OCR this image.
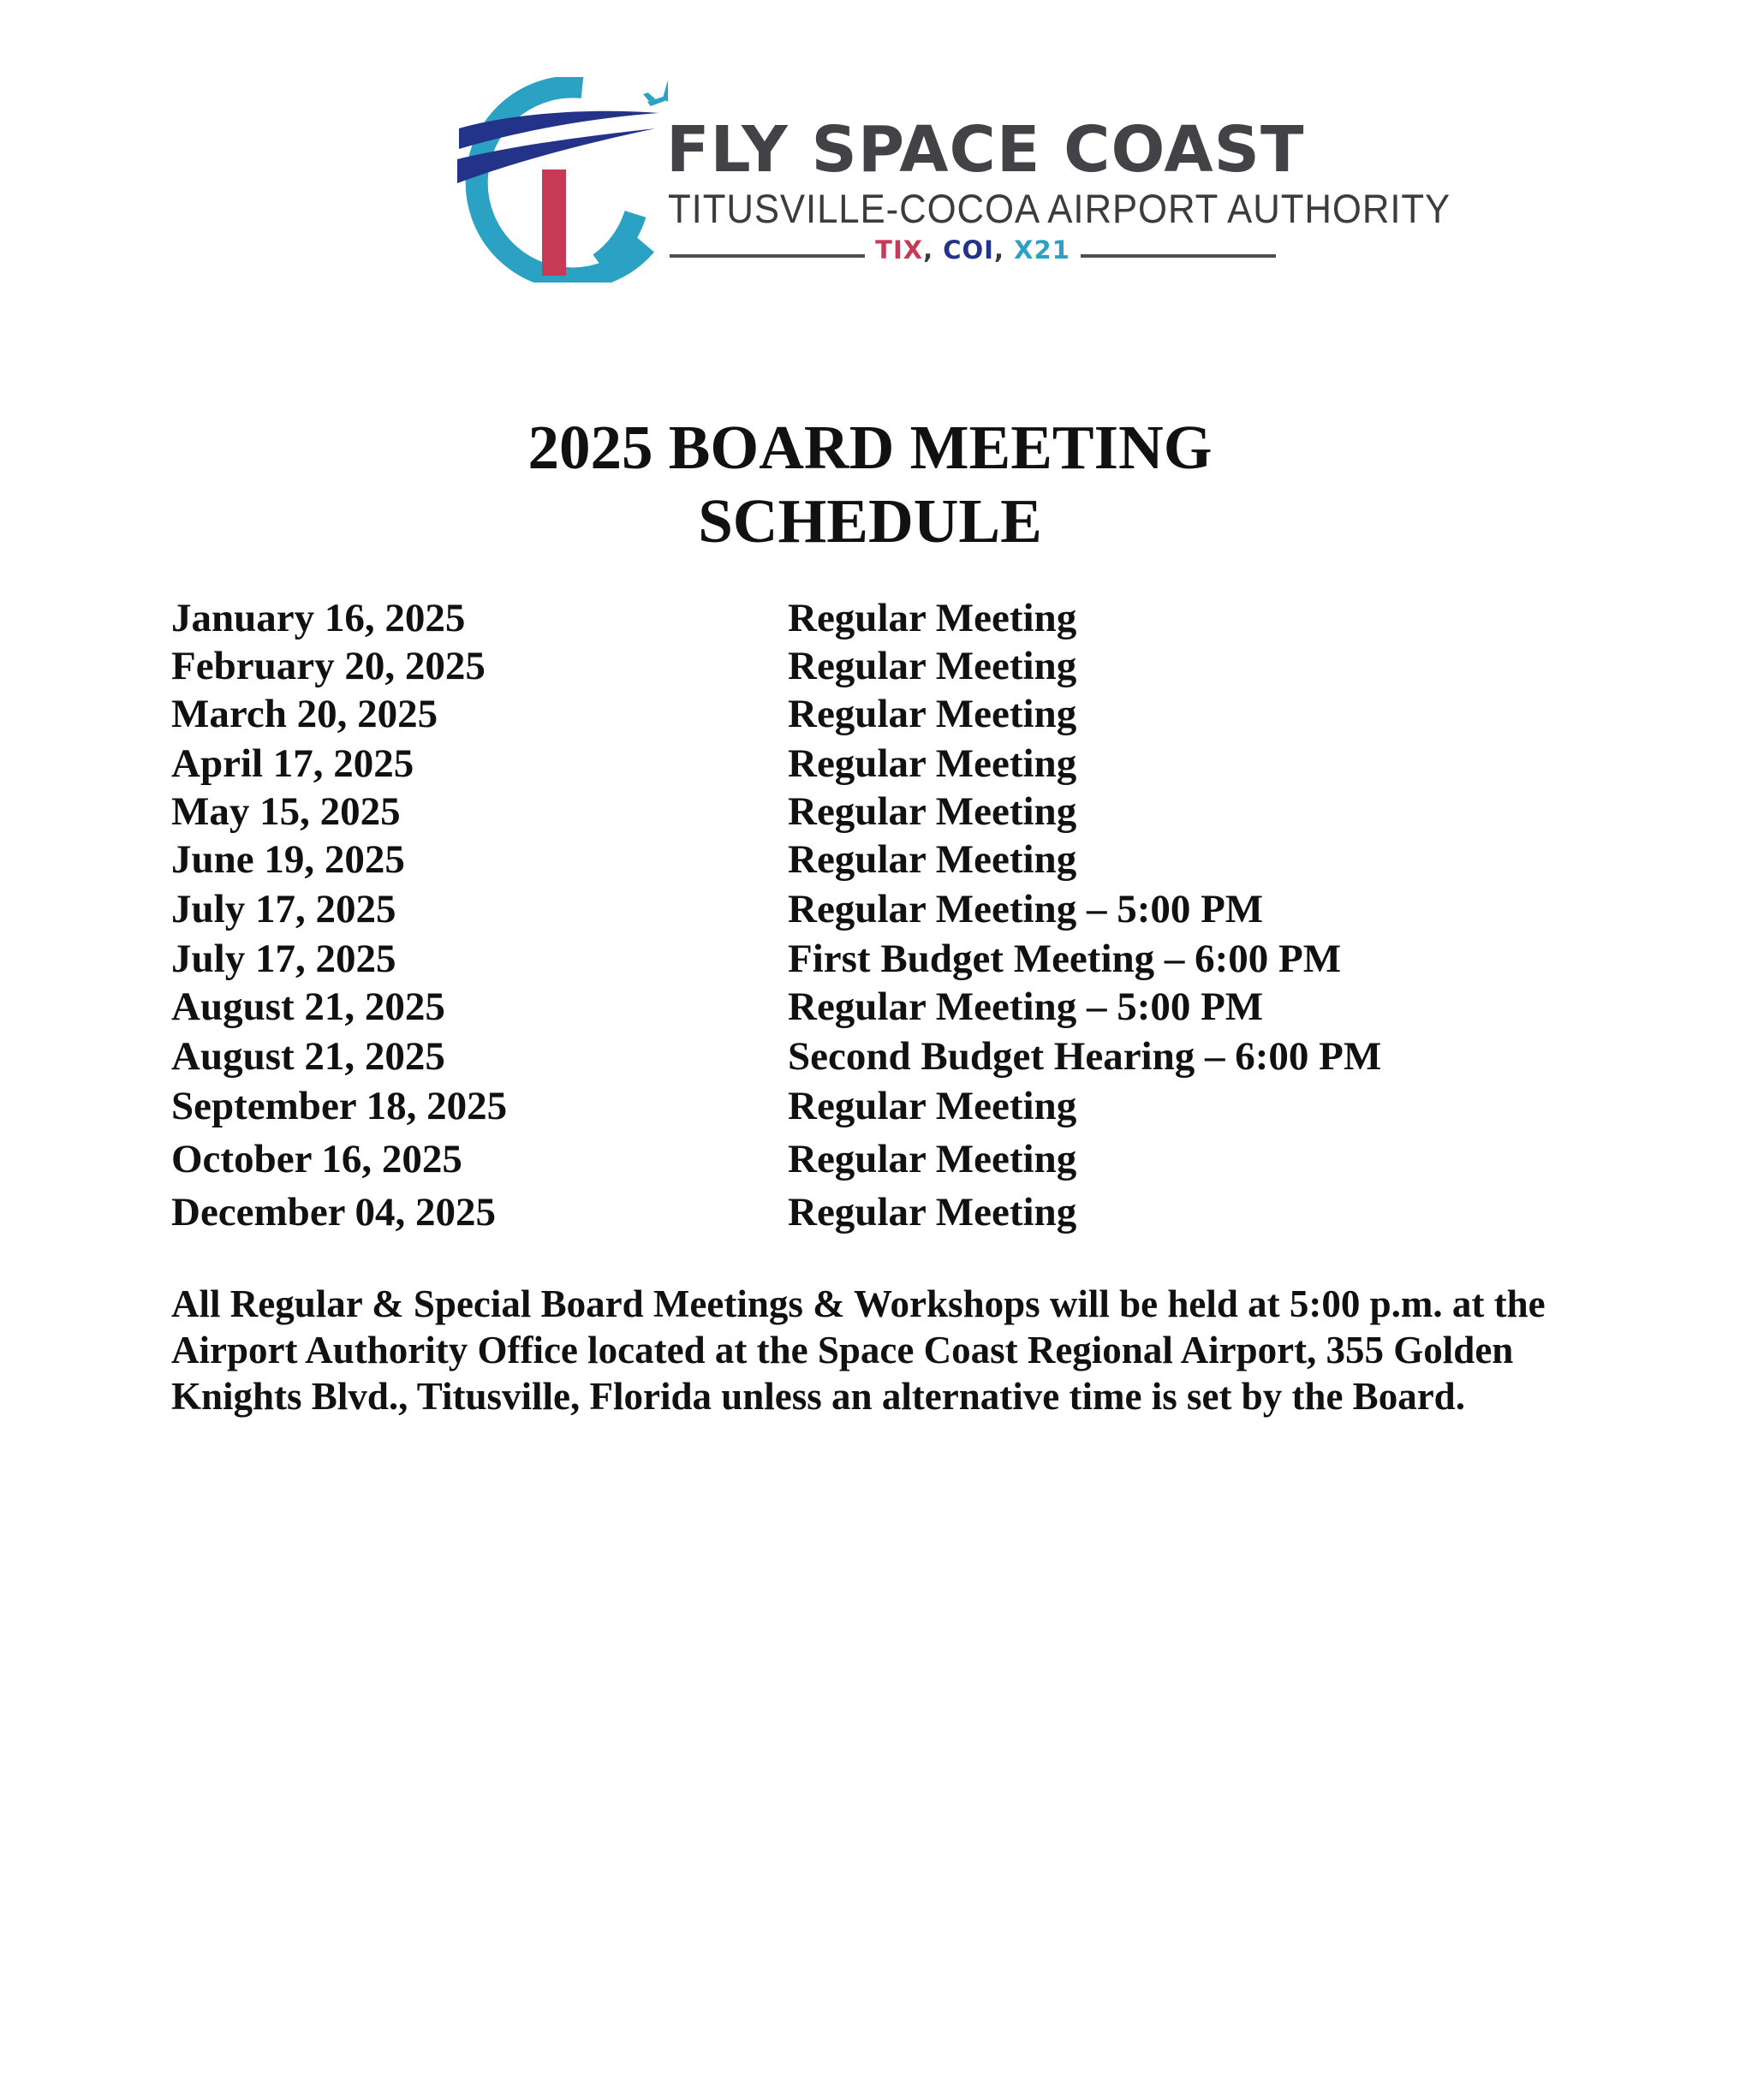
FLY SPACE COAST
TITUSVILLE-COCOA AIRPORT AUTHORITY
TIX, COI, X21
2025 BOARD MEETING
SCHEDULE
January 16, 2025	Regular Meeting
February 20, 2025	Regular Meeting
March 20, 2025	Regular Meeting
April 17, 2025	Regular Meeting
May 15, 2025	Regular Meeting
June 19, 2025	Regular Meeting
July 17, 2025	Regular Meeting – 5:00 PM
July 17, 2025	First Budget Meeting – 6:00 PM
August 21, 2025	Regular Meeting – 5:00 PM
August 21, 2025	Second Budget Hearing – 6:00 PM
September 18, 2025	Regular Meeting
October 16, 2025	Regular Meeting
December 04, 2025	Regular Meeting

All Regular & Special Board Meetings & Workshops will be held at 5:00 p.m. at the Airport Authority Office located at the Space Coast Regional Airport, 355 Golden Knights Blvd., Titusville, Florida unless an alternative time is set by the Board.
